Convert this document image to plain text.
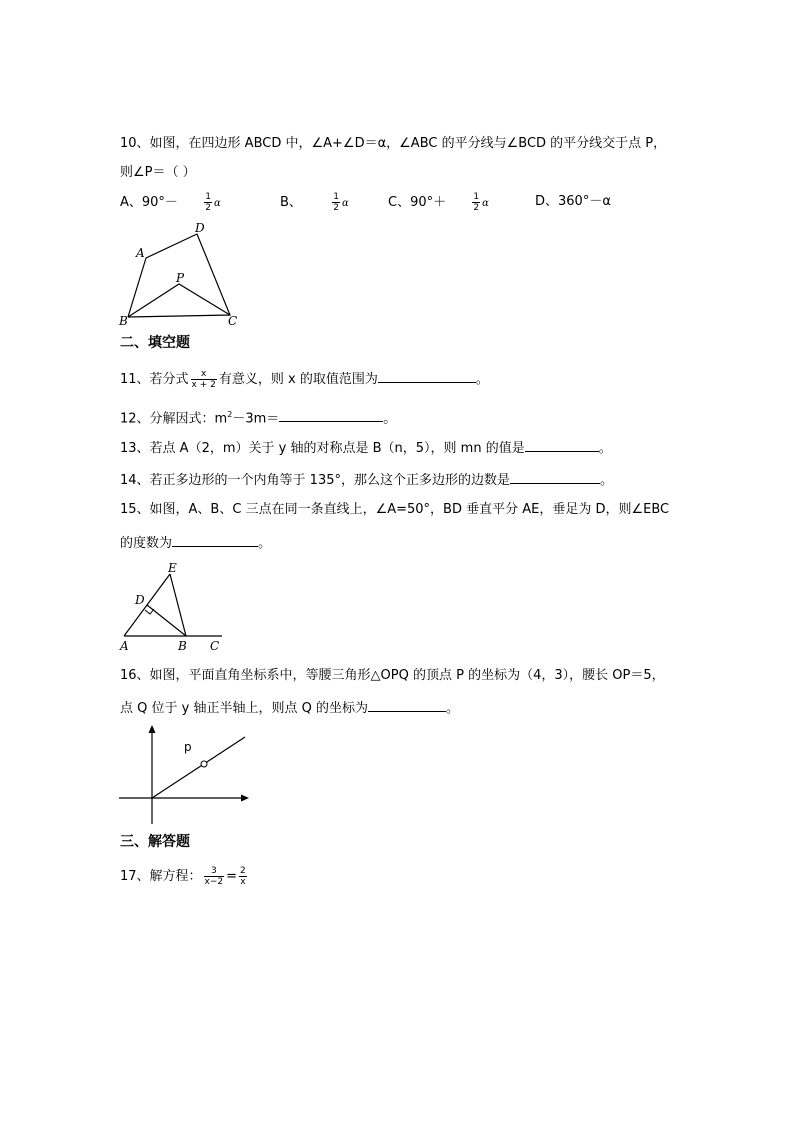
10、如图，在四边形 ABCD 中，∠A+∠D＝α，∠ABC 的平分线与∠BCD 的平分线交于点 P，
则∠P＝（ ）
A、90°－	$\frac{1}{2}$ α	B、	$\frac{1}{2}$ α	C、90°＋	$\frac{1}{2}$ α	D、360°－α
A
D
P
B	C
二、填空题
11、若分式 $\frac{x}{x + 2}$ 有意义，则 x 的取值范围为	。
12、分解因式：$m^2-3m=$	。
13、若点 A（2，m）关于 y 轴的对称点是 B（n，5），则 mn 的值是	。
14、若正多边形的一个内角等于 135°，那么这个正多边形的边数是	。
15、如图，A、B、C 三点在同一条直线上，∠A=50°，BD 垂直平分 AE，垂足为 D，则∠EBC
的度数为	。
E
D
A	B C
16、如图，平面直角坐标系中，等腰三角形△OPQ 的顶点 P 的坐标为（4，3），腰长 OP＝5，
点 Q 位于 y 轴正半轴上，则点 Q 的坐标为	。
p
三、解答题
17、解方程： $\frac{3}{x-2} = \frac{2}{x}$
